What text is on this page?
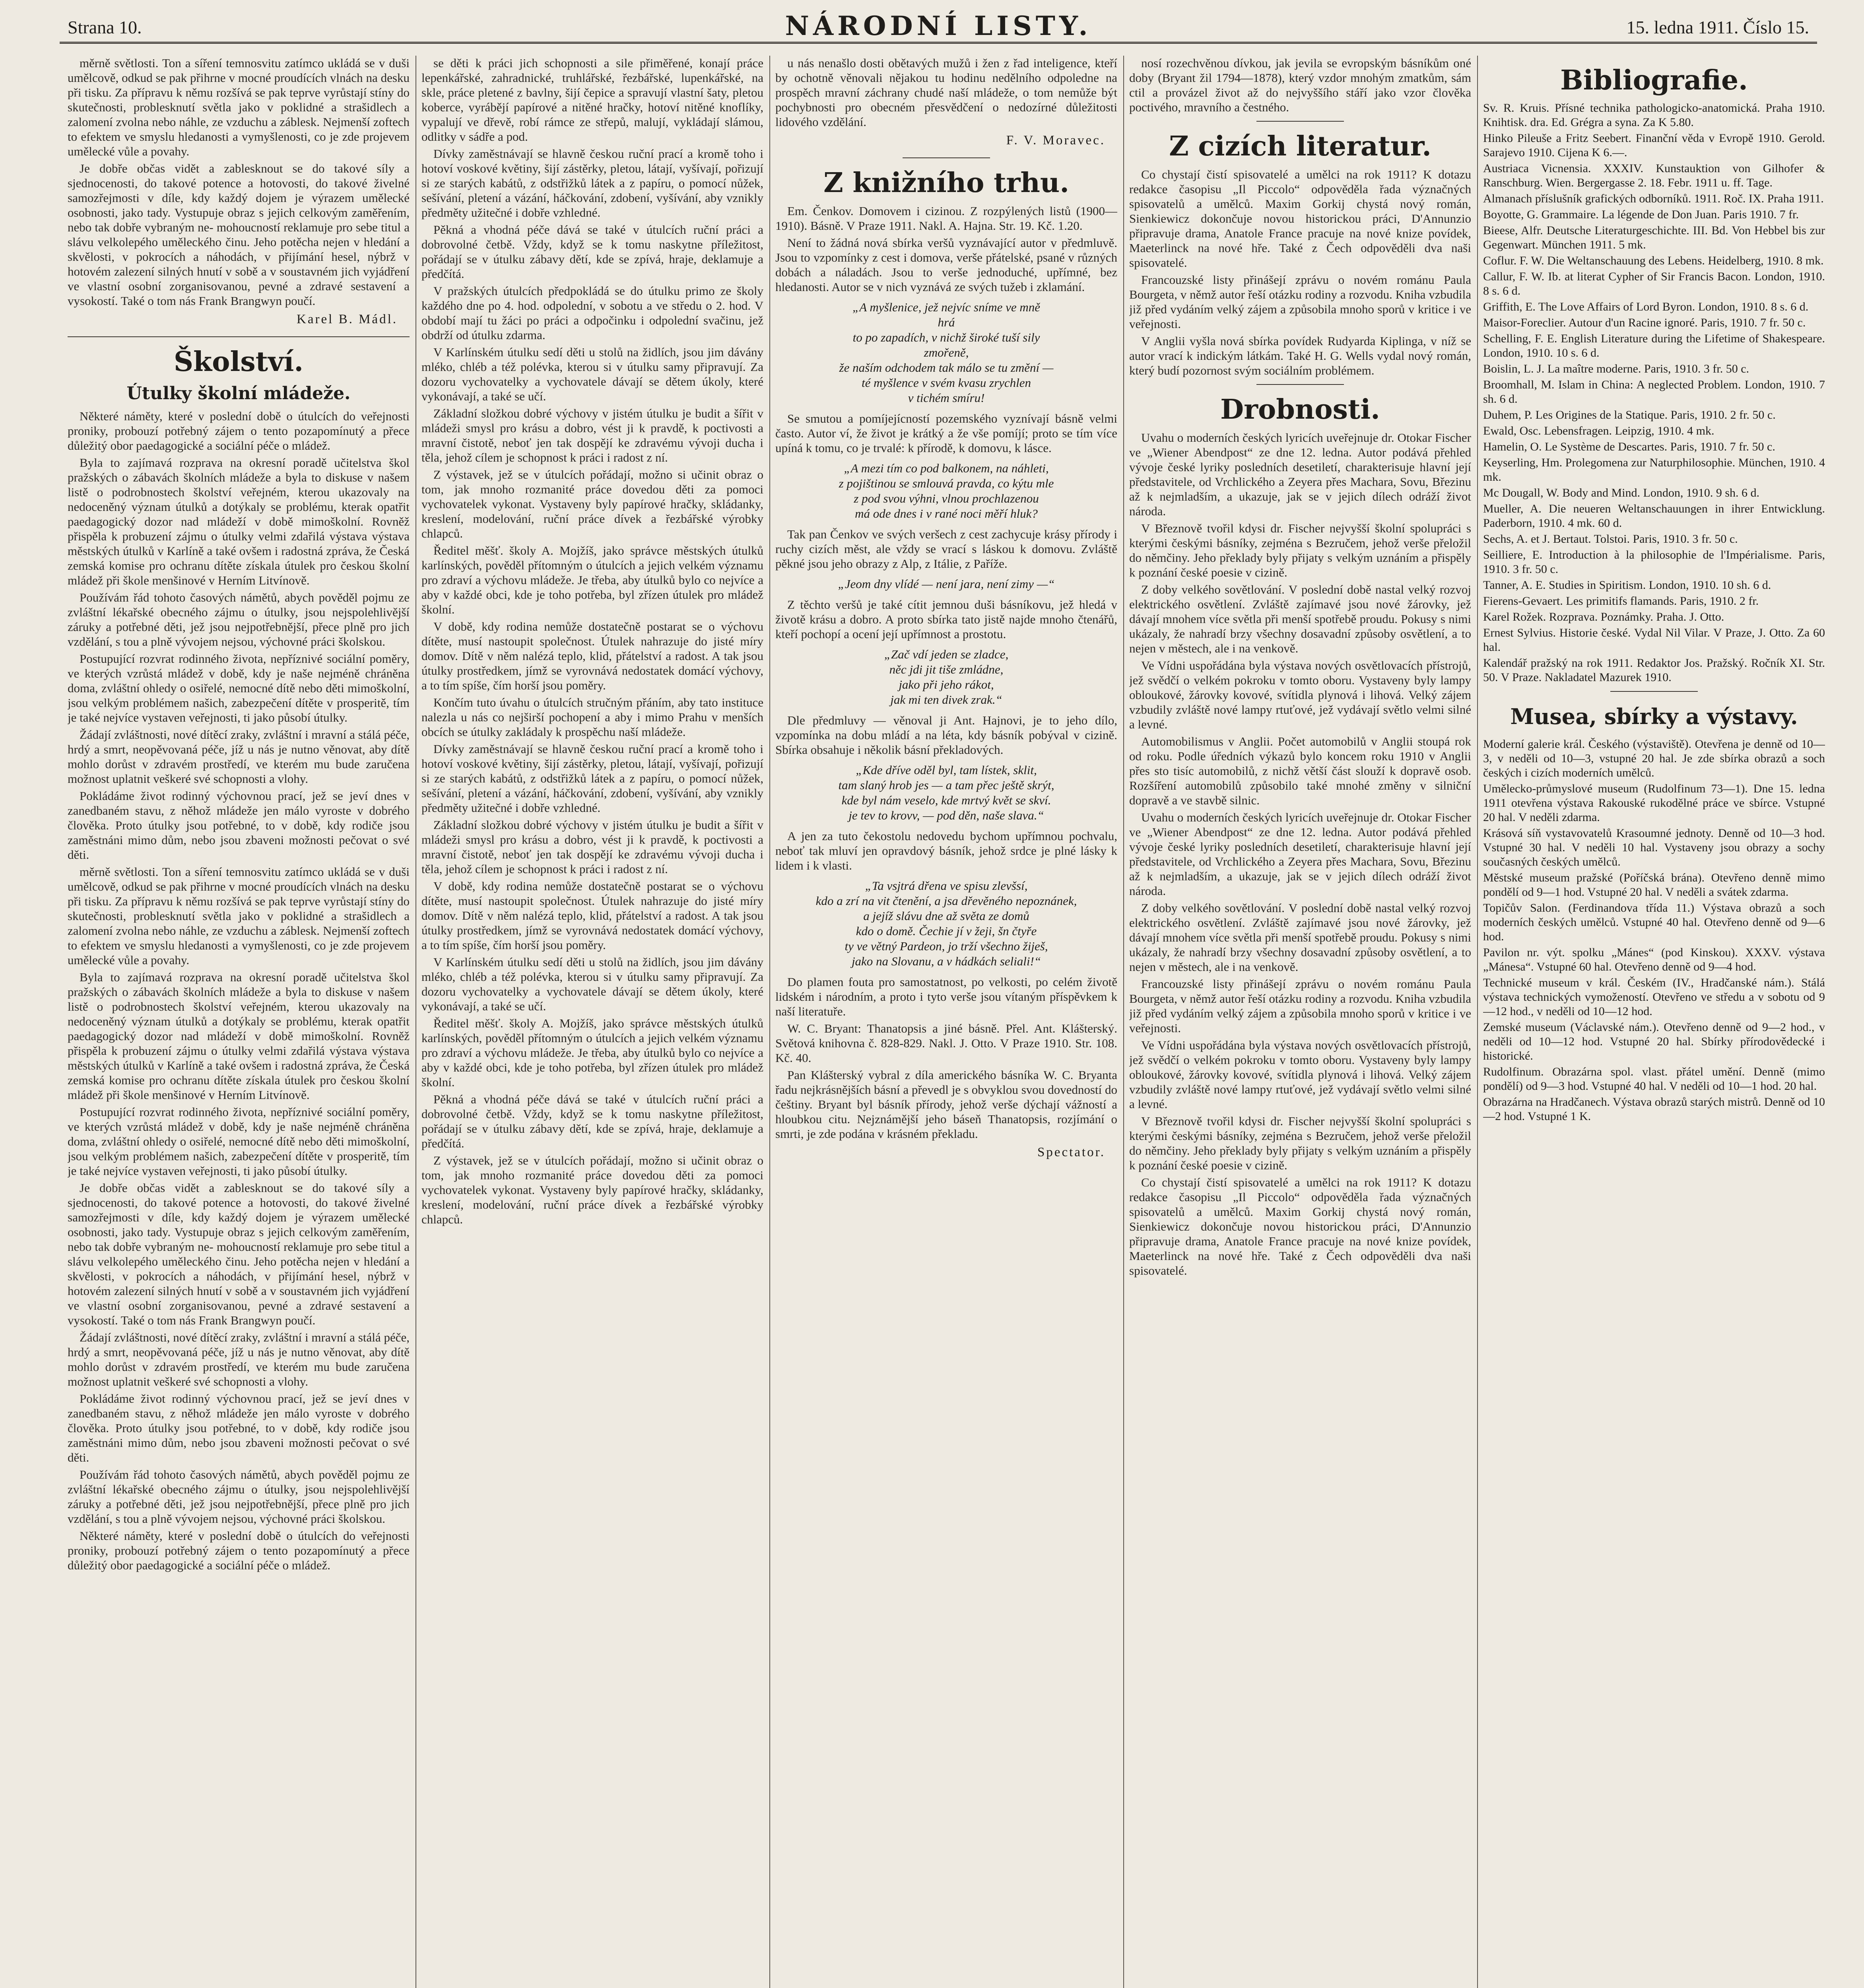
Strana 10.	NÁRODNÍ LISTY.	15. ledna 1911. Číslo 15.

měrně světlosti. Ton a síření temnosvitu zatímco ukládá se v duši umělcově, odkud se pak přihrne v mocné proudících vlnách na desku při tisku. Za přípravu k němu rozšívá se pak teprve vyrůstají stíny do skutečnosti, problesknutí světla jako v poklidné a strašidlech a zalomení zvolna nebo náhle, ze vzduchu a záblesk. Nejmenší zoftech to efektem ve smyslu hledanosti a vymyšlenosti, co je zde projevem umělecké vůle a povahy.

Je dobře občas vidět a zablesknout se do takové síly a sjednocenosti, do takové potence a hotovosti, do takové živelné samozřejmosti v díle, kdy každý dojem je výrazem umělecké osobnosti, jako tady. Vystupuje obraz s jejich celkovým zaměřením, nebo tak dobře vybraným ne- mohoucností reklamuje pro sebe titul a slávu velkolepého uměleckého činu. Jeho potěcha nejen v hledání a skvělosti, v pokrocích a náhodách, v přijímání hesel, nýbrž v hotovém zalezení silných hnutí v sobě a v soustavném jich vyjádření ve vlastní osobní zorganisovanou, pevné a zdravé sestavení a vysokostí. Také o tom nás Frank Brangwyn poučí.

Karel B. Mádl.
Školství.
Útulky školní mládeže.

Některé náměty, které v poslední době o útulcích do veřejnosti proniky, probouzí potřebný zájem o tento pozapomínutý a přece důležitý obor paedagogické a sociální péče o mládež.

Byla to zajímavá rozprava na okresní poradě učitelstva škol pražských o zábavách školních mládeže a byla to diskuse v našem listě o podrobnostech školství veřejném, kterou ukazovaly na nedoceněný význam útulků a dotýkaly se problému, kterak opatřit paedagogický dozor nad mládeží v době mimoškolní. Rovněž přispěla k probuzení zájmu o útulky velmi zdařilá výstava výstava městských útulků v Karlíně a také ovšem i radostná zpráva, že Česká zemská komise pro ochranu dítěte získala útulek pro českou školní mládež při škole menšinové v Herním Litvínově.

Používám řád tohoto časových námětů, abych pověděl pojmu ze zvláštní lékařské obecného zájmu o útulky, jsou nejspolehlivější záruky a potřebné děti, jež jsou nejpotřebnější, přece plně pro jich vzdělání, s tou a plně vývojem nejsou, výchovné práci školskou.

Postupující rozvrat rodinného života, nepříznivé sociální poměry, ve kterých vzrůstá mládež v době, kdy je naše nejméně chráněna doma, zvláštní ohledy o osiřelé, nemocné dítě nebo děti mimoškolní, jsou velkým problémem našich, zabezpečení dítěte v prosperitě, tím je také nejvíce vystaven veřejnosti, ti jako působí útulky.

Žádají zvláštnosti, nové dítěcí zraky, zvláštní i mravní a stálá péče, hrdý a smrt, neopěvovaná péče, jíž u nás je nutno věnovat, aby dítě mohlo dorůst v zdravém prostředí, ve kterém mu bude zaručena možnost uplatnit veškeré své schopnosti a vlohy.

Pokládáme život rodinný výchovnou prací, jež se jeví dnes v zanedbaném stavu, z něhož mládeže jen málo vyroste v dobrého člověka. Proto útulky jsou potřebné, to v době, kdy rodiče jsou zaměstnáni mimo dům, nebo jsou zbaveni možnosti pečovat o své děti.

měrně světlosti. Ton a síření temnosvitu zatímco ukládá se v duši umělcově, odkud se pak přihrne v mocné proudících vlnách na desku při tisku. Za přípravu k němu rozšívá se pak teprve vyrůstají stíny do skutečnosti, problesknutí světla jako v poklidné a strašidlech a zalomení zvolna nebo náhle, ze vzduchu a záblesk. Nejmenší zoftech to efektem ve smyslu hledanosti a vymyšlenosti, co je zde projevem umělecké vůle a povahy.

Byla to zajímavá rozprava na okresní poradě učitelstva škol pražských o zábavách školních mládeže a byla to diskuse v našem listě o podrobnostech školství veřejném, kterou ukazovaly na nedoceněný význam útulků a dotýkaly se problému, kterak opatřit paedagogický dozor nad mládeží v době mimoškolní. Rovněž přispěla k probuzení zájmu o útulky velmi zdařilá výstava výstava městských útulků v Karlíně a také ovšem i radostná zpráva, že Česká zemská komise pro ochranu dítěte získala útulek pro českou školní mládež při škole menšinové v Herním Litvínově.

Postupující rozvrat rodinného života, nepříznivé sociální poměry, ve kterých vzrůstá mládež v době, kdy je naše nejméně chráněna doma, zvláštní ohledy o osiřelé, nemocné dítě nebo děti mimoškolní, jsou velkým problémem našich, zabezpečení dítěte v prosperitě, tím je také nejvíce vystaven veřejnosti, ti jako působí útulky.

Je dobře občas vidět a zablesknout se do takové síly a sjednocenosti, do takové potence a hotovosti, do takové živelné samozřejmosti v díle, kdy každý dojem je výrazem umělecké osobnosti, jako tady. Vystupuje obraz s jejich celkovým zaměřením, nebo tak dobře vybraným ne- mohoucností reklamuje pro sebe titul a slávu velkolepého uměleckého činu. Jeho potěcha nejen v hledání a skvělosti, v pokrocích a náhodách, v přijímání hesel, nýbrž v hotovém zalezení silných hnutí v sobě a v soustavném jich vyjádření ve vlastní osobní zorganisovanou, pevné a zdravé sestavení a vysokostí. Také o tom nás Frank Brangwyn poučí.

Žádají zvláštnosti, nové dítěcí zraky, zvláštní i mravní a stálá péče, hrdý a smrt, neopěvovaná péče, jíž u nás je nutno věnovat, aby dítě mohlo dorůst v zdravém prostředí, ve kterém mu bude zaručena možnost uplatnit veškeré své schopnosti a vlohy.

Pokládáme život rodinný výchovnou prací, jež se jeví dnes v zanedbaném stavu, z něhož mládeže jen málo vyroste v dobrého člověka. Proto útulky jsou potřebné, to v době, kdy rodiče jsou zaměstnáni mimo dům, nebo jsou zbaveni možnosti pečovat o své děti.

Používám řád tohoto časových námětů, abych pověděl pojmu ze zvláštní lékařské obecného zájmu o útulky, jsou nejspolehlivější záruky a potřebné děti, jež jsou nejpotřebnější, přece plně pro jich vzdělání, s tou a plně vývojem nejsou, výchovné práci školskou.

Některé náměty, které v poslední době o útulcích do veřejnosti proniky, probouzí potřebný zájem o tento pozapomínutý a přece důležitý obor paedagogické a sociální péče o mládež.

se děti k práci jich schopnosti a sile přiměřené, konají práce lepenkářské, zahradnické, truhlářské, řezbářské, lupenkářské, na skle, práce pletené z bavlny, šijí čepice a spravují vlastní šaty, pletou koberce, vyrábějí papírové a nitěné hračky, hotoví nitěné knoflíky, vypalují ve dřevě, robí rámce ze střepů, malují, vykládají slámou, odlitky v sádře a pod.

Dívky zaměstnávají se hlavně českou ruční prací a kromě toho i hotoví voskové květiny, šijí zástěrky, pletou, látají, vyšívají, pořizují si ze starých kabátů, z odstřižků látek a z papíru, o pomocí nůžek, sešívání, pletení a vázání, háčkování, zdobení, vyšívání, aby vznikly předměty užitečné i dobře vzhledné.

Pěkná a vhodná péče dává se také v útulcích ruční práci a dobrovolné četbě. Vždy, když se k tomu naskytne příležitost, pořádají se v útulku zábavy dětí, kde se zpívá, hraje, deklamuje a předčítá.

V pražských útulcích předpokládá se do útulku primo ze školy každého dne po 4. hod. odpolední, v sobotu a ve středu o 2. hod. V období mají tu žáci po práci a odpočinku i odpolední svačinu, jež obdrží od útulku zdarma.

V Karlínském útulku sedí děti u stolů na židlích, jsou jim dávány mléko, chléb a též polévka, kterou si v útulku samy připravují. Za dozoru vychovatelky a vychovatele dávají se dětem úkoly, které vykonávají, a také se učí.

Základní složkou dobré výchovy v jistém útulku je budit a šířit v mládeži smysl pro krásu a dobro, vést ji k pravdě, k poctivosti a mravní čistotě, neboť jen tak dospějí ke zdravému vývoji ducha i těla, jehož cílem je schopnost k práci i radost z ní.

Z výstavek, jež se v útulcích pořádají, možno si učinit obraz o tom, jak mnoho rozmanité práce dovedou děti za pomoci vychovatelek vykonat. Vystaveny byly papírové hračky, skládanky, kreslení, modelování, ruční práce dívek a řezbářské výrobky chlapců.

Ředitel měšť. školy A. Mojžíš, jako správce městských útulků karlínských, pověděl přítomným o útulcích a jejich velkém významu pro zdraví a výchovu mládeže. Je třeba, aby útulků bylo co nejvíce a aby v každé obci, kde je toho potřeba, byl zřízen útulek pro mládež školní.

V době, kdy rodina nemůže dostatečně postarat se o výchovu dítěte, musí nastoupit společnost. Útulek nahrazuje do jisté míry domov. Dítě v něm nalézá teplo, klid, přátelství a radost. A tak jsou útulky prostředkem, jímž se vyrovnává nedostatek domácí výchovy, a to tím spíše, čím horší jsou poměry.

Končím tuto úvahu o útulcích stručným přáním, aby tato instituce nalezla u nás co nejširší pochopení a aby i mimo Prahu v menších obcích se útulky zakládaly k prospěchu naší mládeže.

Dívky zaměstnávají se hlavně českou ruční prací a kromě toho i hotoví voskové květiny, šijí zástěrky, pletou, látají, vyšívají, pořizují si ze starých kabátů, z odstřižků látek a z papíru, o pomocí nůžek, sešívání, pletení a vázání, háčkování, zdobení, vyšívání, aby vznikly předměty užitečné i dobře vzhledné.

Základní složkou dobré výchovy v jistém útulku je budit a šířit v mládeži smysl pro krásu a dobro, vést ji k pravdě, k poctivosti a mravní čistotě, neboť jen tak dospějí ke zdravému vývoji ducha i těla, jehož cílem je schopnost k práci i radost z ní.

V době, kdy rodina nemůže dostatečně postarat se o výchovu dítěte, musí nastoupit společnost. Útulek nahrazuje do jisté míry domov. Dítě v něm nalézá teplo, klid, přátelství a radost. A tak jsou útulky prostředkem, jímž se vyrovnává nedostatek domácí výchovy, a to tím spíše, čím horší jsou poměry.

V Karlínském útulku sedí děti u stolů na židlích, jsou jim dávány mléko, chléb a též polévka, kterou si v útulku samy připravují. Za dozoru vychovatelky a vychovatele dávají se dětem úkoly, které vykonávají, a také se učí.

Ředitel měšť. školy A. Mojžíš, jako správce městských útulků karlínských, pověděl přítomným o útulcích a jejich velkém významu pro zdraví a výchovu mládeže. Je třeba, aby útulků bylo co nejvíce a aby v každé obci, kde je toho potřeba, byl zřízen útulek pro mládež školní.

Pěkná a vhodná péče dává se také v útulcích ruční práci a dobrovolné četbě. Vždy, když se k tomu naskytne příležitost, pořádají se v útulku zábavy dětí, kde se zpívá, hraje, deklamuje a předčítá.

Z výstavek, jež se v útulcích pořádají, možno si učinit obraz o tom, jak mnoho rozmanité práce dovedou děti za pomoci vychovatelek vykonat. Vystaveny byly papírové hračky, skládanky, kreslení, modelování, ruční práce dívek a řezbářské výrobky chlapců.

u nás nenašlo dosti obětavých mužů i žen z řad inteligence, kteří by ochotně věnovali nějakou tu hodinu nedělního odpoledne na prospěch mravní záchrany chudé naší mládeže, o tom nemůže být pochybnosti pro obecném přesvědčení o nedozírné důležitosti lidového vzdělání.

F. V. Moravec.
Z knižního trhu.

Em. Čenkov. Domovem i cizinou. Z rozpýlených listů (1900—1910). Básně. V Praze 1911. Nakl. A. Hajna. Str. 19. Kč. 1.20.

Není to žádná nová sbírka veršů vyznávající autor v předmluvě. Jsou to vzpomínky z cest i domova, verše přátelské, psané v různých dobách a náladách. Jsou to verše jednoduché, upřímné, bez hledanosti. Autor se v nich vyznává ze svých tužeb i zklamání.

„A myšlenice, jež nejvíc sníme ve mně
hrá
to po zapadích, v nichž široké tuší sily
zmořeně,
že naším odchodem tak málo se tu změní —
té myšlence v svém kvasu zrychlen
v tichém smíru!

Se smutou a pomíjejícností pozemského vyznívají básně velmi často. Autor ví, že život je krátký a že vše pomíjí; proto se tím více upíná k tomu, co je trvalé: k přírodě, k domovu, k lásce.

„A mezi tím co pod balkonem, na náhleti,
z pojištinou se smlouvá pravda, co kýtu mle
z pod svou výhni, vlnou prochlazenou
má ode dnes i v rané noci měří hluk?

Tak pan Čenkov ve svých veršech z cest zachycuje krásy přírody i ruchy cizích měst, ale vždy se vrací s láskou k domovu. Zvláště pěkné jsou jeho obrazy z Alp, z Itálie, z Paříže.

„Jeom dny vlídé — není jara, není zimy —“

Z těchto veršů je také cítit jemnou duši básníkovu, jež hledá v životě krásu a dobro. A proto sbírka tato jistě najde mnoho čtenářů, kteří pochopí a ocení její upřímnost a prostotu.

„Zač vdí jeden se zladce,
něc jdi jit tiše zmládne,
jako při jeho rákot,
jak mi ten divek zrak.“

Dle předmluvy — věnoval ji Ant. Hajnovi, je to jeho dílo, vzpomínka na dobu mládí a na léta, kdy básník pobýval v cizině. Sbírka obsahuje i několik básní překladových.

„Kde dříve oděl byl, tam lístek, sklit,
tam slaný hrob jes — a tam přec ještě skrýt,
kde byl nám veselo, kde mrtvý květ se skví.
je tev to krovv, — pod děn, naše slava.“

A jen za tuto čekostolu nedovedu bychom upřímnou pochvalu, neboť tak mluví jen opravdový básník, jehož srdce je plné lásky k lidem i k vlasti.

„Ta vsjtrá dřena ve spisu zlevšsí,
kdo a zrí na vit čtenění, a jsa dřevěného nepoznánek,
a jejíž slávu dne až světa ze domů
kdo o domě. Čechie jí v žeji, šn čtyře
ty ve větný Pardeon, jo trží všechno žiješ,
jako na Slovanu, a v hádkách seliali!“

Do plamen fouta pro samostatnost, po velkosti, po celém životě lidském i národním, a proto i tyto verše jsou vítaným příspěvkem k naší literatuře.

W. C. Bryant: Thanatopsis a jiné básně. Přel. Ant. Klášterský. Světová knihovna č. 828-829. Nakl. J. Otto. V Praze 1910. Str. 108. Kč. 40.

Pan Klášterský vybral z díla amerického básníka W. C. Bryanta řadu nejkrásnějších básní a převedl je s obvyklou svou dovedností do češtiny. Bryant byl básník přírody, jehož verše dýchají vážností a hloubkou citu. Nejznámější jeho báseň Thanatopsis, rozjímání o smrti, je zde podána v krásném překladu.

Spectator.

nosí rozechvěnou dívkou, jak jevila se evropským básníkům oné doby (Bryant žil 1794—1878), který vzdor mnohým zmatkům, sám ctil a provázel život až do nejvyššího stáří jako vzor člověka poctivého, mravního a čestného.

Z cizích literatur.

Co chystají čistí spisovatelé a umělci na rok 1911? K dotazu redakce časopisu „Il Piccolo“ odpověděla řada význačných spisovatelů a umělců. Maxim Gorkij chystá nový román, Sienkiewicz dokončuje novou historickou práci, D'Annunzio připravuje drama, Anatole France pracuje na nové knize povídek, Maeterlinck na nové hře. Také z Čech odpověděli dva naši spisovatelé.

Francouzské listy přinášejí zprávu o novém románu Paula Bourgeta, v němž autor řeší otázku rodiny a rozvodu. Kniha vzbudila již před vydáním velký zájem a způsobila mnoho sporů v kritice i ve veřejnosti.

V Anglii vyšla nová sbírka povídek Rudyarda Kiplinga, v níž se autor vrací k indickým látkám. Také H. G. Wells vydal nový román, který budí pozornost svým sociálním problémem.

Drobnosti.

Uvahu o moderních českých lyricích uveřejnuje dr. Otokar Fischer ve „Wiener Abendpost“ ze dne 12. ledna. Autor podává přehled vývoje české lyriky posledních desetiletí, charakterisuje hlavní její představitele, od Vrchlického a Zeyera přes Machara, Sovu, Březinu až k nejmladším, a ukazuje, jak se v jejich dílech odráží život národa.

V Březnově tvořil kdysi dr. Fischer nejvyšší školní spolupráci s kterými českými básníky, zejména s Bezručem, jehož verše přeložil do němčiny. Jeho překlady byly přijaty s velkým uznáním a přispěly k poznání české poesie v cizině.

Z doby velkého sovětlování. V poslední době nastal velký rozvoj elektrického osvětlení. Zvláště zajímavé jsou nové žárovky, jež dávají mnohem více světla při menší spotřebě proudu. Pokusy s nimi ukázaly, že nahradí brzy všechny dosavadní způsoby osvětlení, a to nejen v městech, ale i na venkově.

Ve Vídni uspořádána byla výstava nových osvětlovacích přístrojů, jež svědčí o velkém pokroku v tomto oboru. Vystaveny byly lampy obloukové, žárovky kovové, svítidla plynová i lihová. Velký zájem vzbudily zvláště nové lampy rtuťové, jež vydávají světlo velmi silné a levné.

Automobilismus v Anglii. Počet automobilů v Anglii stoupá rok od roku. Podle úředních výkazů bylo koncem roku 1910 v Anglii přes sto tisíc automobilů, z nichž větší část slouží k dopravě osob. Rozšíření automobilů způsobilo také mnohé změny v silniční dopravě a ve stavbě silnic.

Uvahu o moderních českých lyricích uveřejnuje dr. Otokar Fischer ve „Wiener Abendpost“ ze dne 12. ledna. Autor podává přehled vývoje české lyriky posledních desetiletí, charakterisuje hlavní její představitele, od Vrchlického a Zeyera přes Machara, Sovu, Březinu až k nejmladším, a ukazuje, jak se v jejich dílech odráží život národa.

Z doby velkého sovětlování. V poslední době nastal velký rozvoj elektrického osvětlení. Zvláště zajímavé jsou nové žárovky, jež dávají mnohem více světla při menší spotřebě proudu. Pokusy s nimi ukázaly, že nahradí brzy všechny dosavadní způsoby osvětlení, a to nejen v městech, ale i na venkově.

Francouzské listy přinášejí zprávu o novém románu Paula Bourgeta, v němž autor řeší otázku rodiny a rozvodu. Kniha vzbudila již před vydáním velký zájem a způsobila mnoho sporů v kritice i ve veřejnosti.

Ve Vídni uspořádána byla výstava nových osvětlovacích přístrojů, jež svědčí o velkém pokroku v tomto oboru. Vystaveny byly lampy obloukové, žárovky kovové, svítidla plynová i lihová. Velký zájem vzbudily zvláště nové lampy rtuťové, jež vydávají světlo velmi silné a levné.

V Březnově tvořil kdysi dr. Fischer nejvyšší školní spolupráci s kterými českými básníky, zejména s Bezručem, jehož verše přeložil do němčiny. Jeho překlady byly přijaty s velkým uznáním a přispěly k poznání české poesie v cizině.

Co chystají čistí spisovatelé a umělci na rok 1911? K dotazu redakce časopisu „Il Piccolo“ odpověděla řada význačných spisovatelů a umělců. Maxim Gorkij chystá nový román, Sienkiewicz dokončuje novou historickou práci, D'Annunzio připravuje drama, Anatole France pracuje na nové knize povídek, Maeterlinck na nové hře. Také z Čech odpověděli dva naši spisovatelé.

Bibliografie.

Sv. R. Kruis. Přísné technika pathologicko-anatomická. Praha 1910. Knihtisk. dra. Ed. Grégra a syna. Za K 5.80.

Hinko Pileuše a Fritz Seebert. Finanční věda v Evropě 1910. Gerold. Sarajevo 1910. Cijena K 6.—.

Austriaca Vicnensia. XXXIV. Kunstauktion von Gilhofer & Ranschburg. Wien. Bergergasse 2. 18. Febr. 1911 u. ff. Tage.

Almanach příslušník grafických odborníků. 1911. Roč. IX. Praha 1911.

Boyotte, G. Grammaire. La légende de Don Juan. Paris 1910. 7 fr.

Bieese, Alfr. Deutsche Literaturgeschichte. III. Bd. Von Hebbel bis zur Gegenwart. München 1911. 5 mk.

Coflur. F. W. Die Weltanschauung des Lebens. Heidelberg, 1910. 8 mk.

Callur, F. W. Ib. at literat Cypher of Sir Francis Bacon. London, 1910. 8 s. 6 d.

Griffith, E. The Love Affairs of Lord Byron. London, 1910. 8 s. 6 d.

Maisor-Foreclier. Autour d'un Racine ignoré. Paris, 1910. 7 fr. 50 c.

Schelling, F. E. English Literature during the Lifetime of Shakespeare. London, 1910. 10 s. 6 d.

Boislin, L. J. La maître moderne. Paris, 1910. 3 fr. 50 c.

Broomhall, M. Islam in China: A neglected Problem. London, 1910. 7 sh. 6 d.

Duhem, P. Les Origines de la Statique. Paris, 1910. 2 fr. 50 c.

Ewald, Osc. Lebensfragen. Leipzig, 1910. 4 mk.

Hamelin, O. Le Système de Descartes. Paris, 1910. 7 fr. 50 c.

Keyserling, Hm. Prolegomena zur Naturphilosophie. München, 1910. 4 mk.

Mc Dougall, W. Body and Mind. London, 1910. 9 sh. 6 d.

Mueller, A. Die neueren Weltanschauungen in ihrer Entwicklung. Paderborn, 1910. 4 mk. 60 d.

Sechs, A. et J. Bertaut. Tolstoi. Paris, 1910. 3 fr. 50 c.

Seilliere, E. Introduction à la philosophie de l'Impérialisme. Paris, 1910. 3 fr. 50 c.

Tanner, A. E. Studies in Spiritism. London, 1910. 10 sh. 6 d.

Fierens-Gevaert. Les primitifs flamands. Paris, 1910. 2 fr.

Karel Rožek. Rozprava. Poznámky. Praha. J. Otto.

Ernest Sylvius. Historie české. Vydal Nil Vilar. V Praze, J. Otto. Za 60 hal.

Kalendář pražský na rok 1911. Redaktor Jos. Pražský. Ročník XI. Str. 50. V Praze. Nakladatel Mazurek 1910.

Musea, sbírky a výstavy.

Moderní galerie král. Českého (výstaviště). Otevřena je denně od 10—3, v neděli od 10—3, vstupné 20 hal. Je zde sbírka obrazů a soch českých i cizích moderních umělců.

Umělecko-průmyslové museum (Rudolfinum 73—1). Dne 15. ledna 1911 otevřena výstava Rakouské rukodělné práce ve sbírce. Vstupné 20 hal. V neděli zdarma.

Krásová síň vystavovatelů Krasoumné jednoty. Denně od 10—3 hod. Vstupné 30 hal. V neděli 10 hal. Vystaveny jsou obrazy a sochy současných českých umělců.

Městské museum pražské (Poříčská brána). Otevřeno denně mimo pondělí od 9—1 hod. Vstupné 20 hal. V neděli a svátek zdarma.

Topičův Salon. (Ferdinandova třída 11.) Výstava obrazů a soch moderních českých umělců. Vstupné 40 hal. Otevřeno denně od 9—6 hod.

Pavilon nr. výt. spolku „Mánes“ (pod Kinskou). XXXV. výstava „Mánesa“. Vstupné 60 hal. Otevřeno denně od 9—4 hod.

Technické museum v král. Českém (IV., Hradčanské nám.). Stálá výstava technických vymožeností. Otevřeno ve středu a v sobotu od 9—12 hod., v neděli od 10—12 hod.

Zemské museum (Václavské nám.). Otevřeno denně od 9—2 hod., v neděli od 10—12 hod. Vstupné 20 hal. Sbírky přírodovědecké i historické.

Rudolfinum. Obrazárna spol. vlast. přátel umění. Denně (mimo pondělí) od 9—3 hod. Vstupné 40 hal. V neděli od 10—1 hod. 20 hal.

Obrazárna na Hradčanech. Výstava obrazů starých mistrů. Denně od 10—2 hod. Vstupné 1 K.
